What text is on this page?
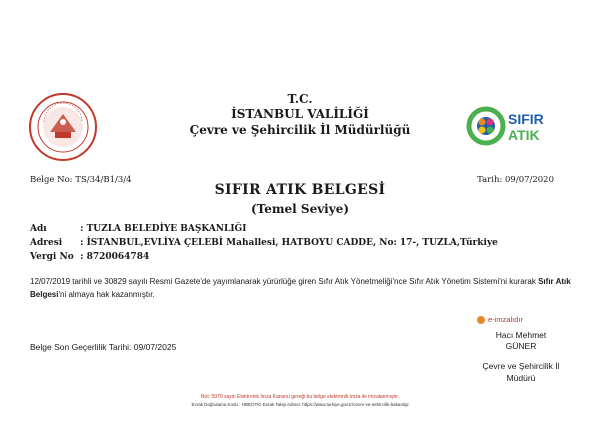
SIFIR
ATIK
T.C.
İSTANBUL VALİLİĞİ
Çevre ve Şehircilik İl Müdürlüğü
Belge No: TS/34/B1/3/4	Tarih: 09/07/2020
SIFIR ATIK BELGESİ
(Temel Seviye)
Adı	: TUZLA BELEDİYE BAŞKANLIĞI
Adresi : İSTANBUL,EVLİYA ÇELEBİ Mahallesi, HATBOYU CADDE, No: 17-, TUZLA,Türkiye
Vergi No : 8720064784
12/07/2019 tarihli ve 30829 sayılı Resmi Gazete'de yayımlanarak yürürlüğe giren Sıfır Atık Yönetmeliği'nce Sıfır Atık Yönetim Sistemi'ni kurarak Sıfır Atık Belgesi'ni almaya hak kazanmıştır.
e-imzalıdır
Hacı Mehmet
GÜNER
Çevre ve Şehircilik İl
Müdürü
Belge Son Geçerlilik Tarihi: 09/07/2025
Not: 5070 sayılı Elektronik İmza Kanunu gereği bu belge elektronik imza ile imzalanmıştır.
Evrak Doğrulama Kodu : HBEOTKI Evrak Takip Adresi: https://www.turkiye.gov.tr/cevre-ve-sehircilik-bakanligi
